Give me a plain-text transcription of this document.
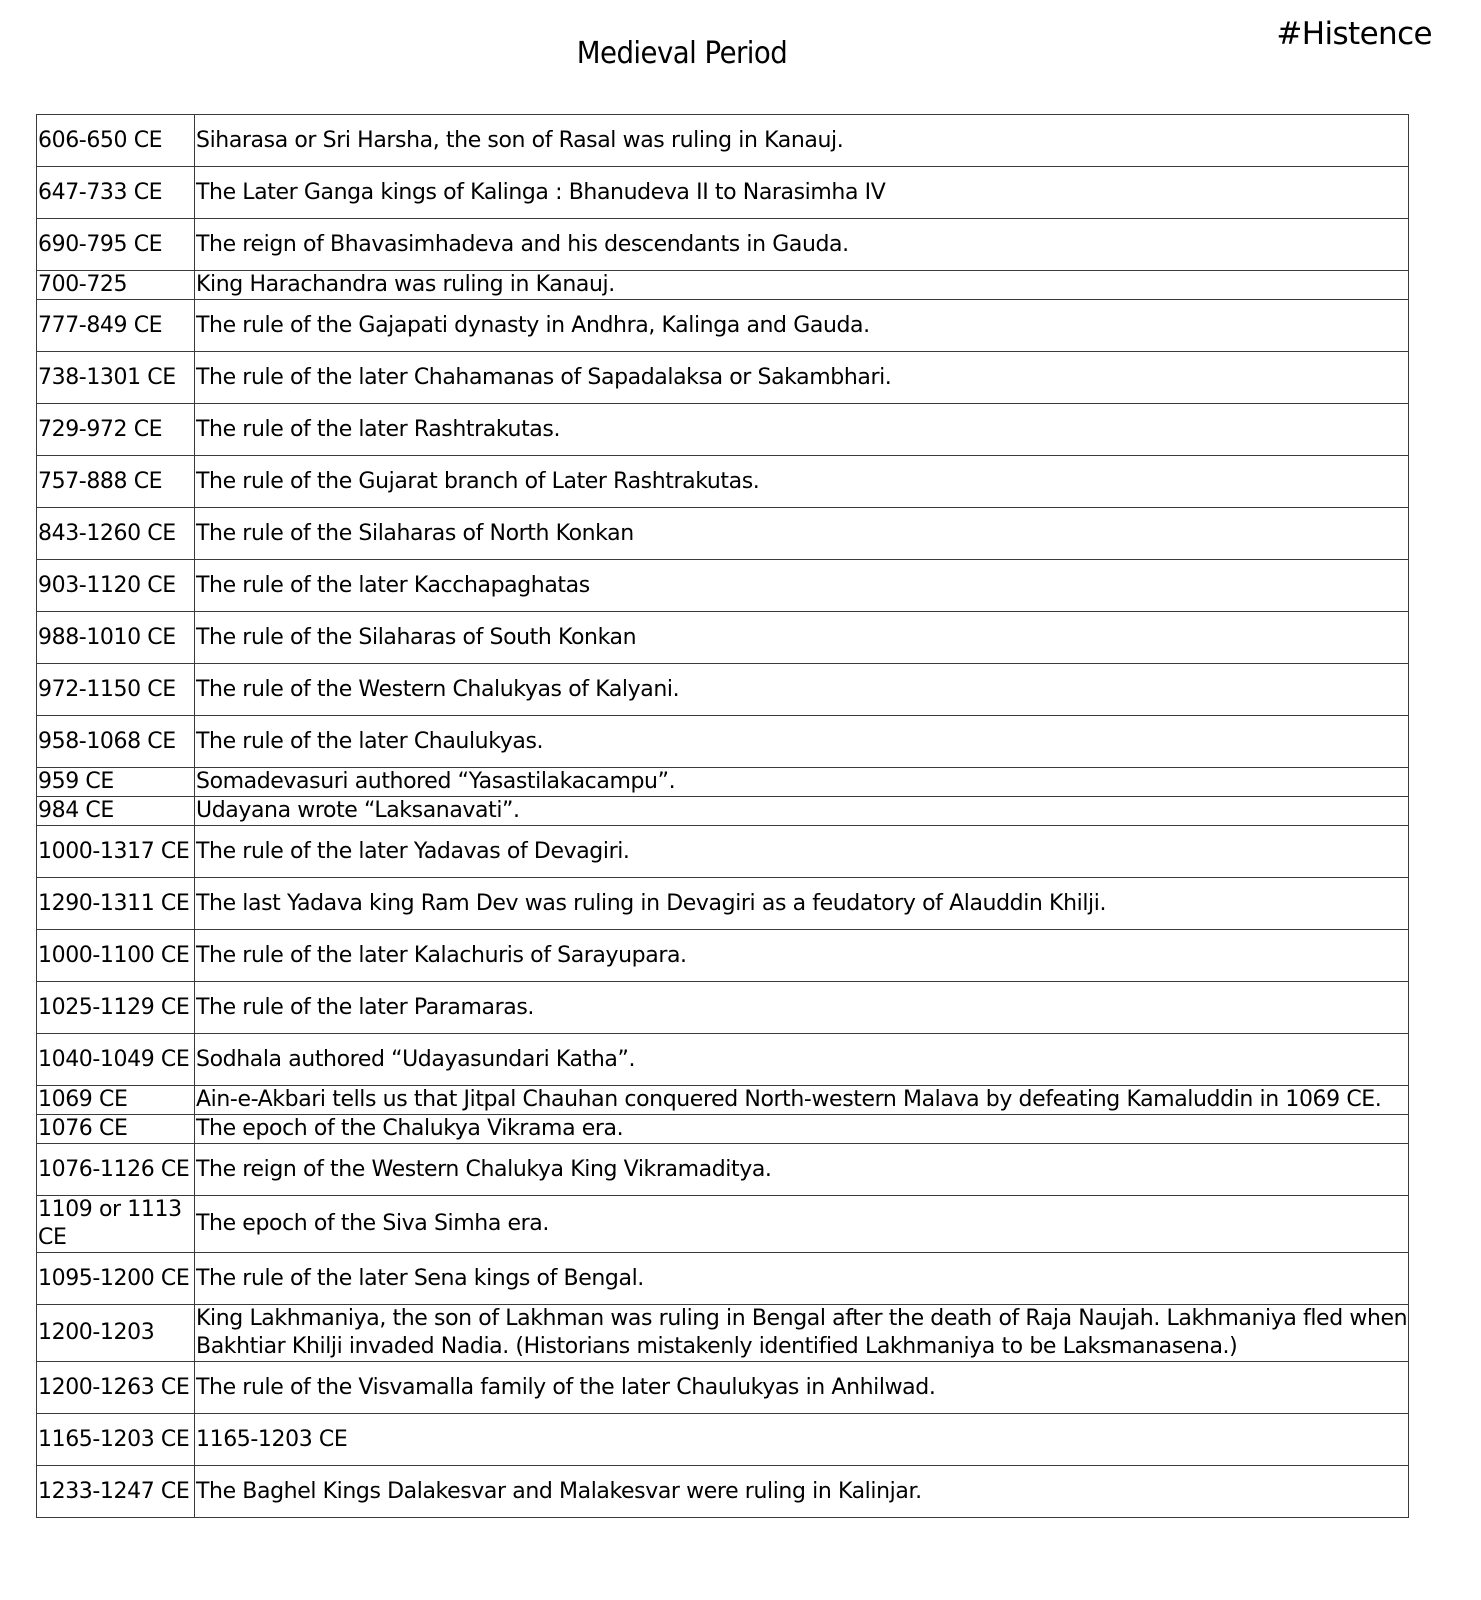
Medieval Period
#Histence
606-650 CE	Siharasa or Sri Harsha, the son of Rasal was ruling in Kanauj.
647-733 CE	The Later Ganga kings of Kalinga : Bhanudeva II to Narasimha IV
690-795 CE	The reign of Bhavasimhadeva and his descendants in Gauda.
700-725	King Harachandra was ruling in Kanauj.
777-849 CE	The rule of the Gajapati dynasty in Andhra, Kalinga and Gauda.
738-1301 CE	The rule of the later Chahamanas of Sapadalaksa or Sakambhari.
729-972 CE	The rule of the later Rashtrakutas.
757-888 CE	The rule of the Gujarat branch of Later Rashtrakutas.
843-1260 CE	The rule of the Silaharas of North Konkan
903-1120 CE	The rule of the later Kacchapaghatas
988-1010 CE	The rule of the Silaharas of South Konkan
972-1150 CE	The rule of the Western Chalukyas of Kalyani.
958-1068 CE	The rule of the later Chaulukyas.
959 CE	Somadevasuri authored “Yasastilakacampu”.
984 CE	Udayana wrote “Laksanavati”.
1000-1317 CE	The rule of the later Yadavas of Devagiri.
1290-1311 CE	The last Yadava king Ram Dev was ruling in Devagiri as a feudatory of Alauddin Khilji.
1000-1100 CE	The rule of the later Kalachuris of Sarayupara.
1025-1129 CE	The rule of the later Paramaras.
1040-1049 CE	Sodhala authored “Udayasundari Katha”.
1069 CE	Ain-e-Akbari tells us that Jitpal Chauhan conquered North-western Malava by defeating Kamaluddin in 1069 CE.
1076 CE	The epoch of the Chalukya Vikrama era.
1076-1126 CE	The reign of the Western Chalukya King Vikramaditya.
1109 or 1113 CE	The epoch of the Siva Simha era.
1095-1200 CE	The rule of the later Sena kings of Bengal.
1200-1203	King Lakhmaniya, the son of Lakhman was ruling in Bengal after the death of Raja Naujah. Lakhmaniya fled when Bakhtiar Khilji invaded Nadia. (Historians mistakenly identified Lakhmaniya to be Laksmanasena.)
1200-1263 CE	The rule of the Visvamalla family of the later Chaulukyas in Anhilwad.
1165-1203 CE	1165-1203 CE
1233-1247 CE	The Baghel Kings Dalakesvar and Malakesvar were ruling in Kalinjar.
